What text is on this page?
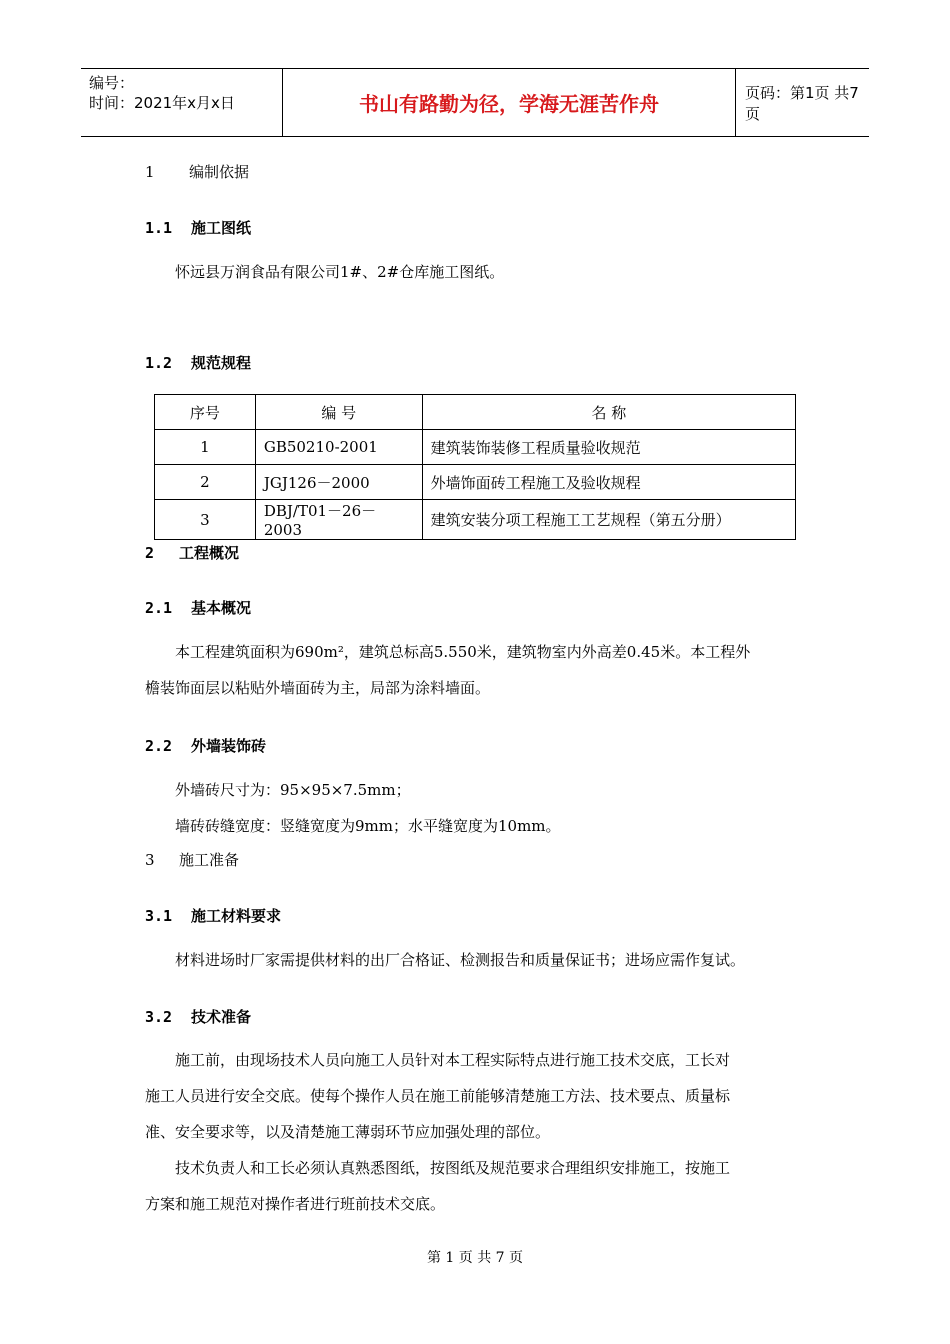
编号：
时间：2021年x月x日	书山有路勤为径，学海无涯苦作舟	页码：第1页 共7页
1 编制依据
1.1 施工图纸
怀远县万润食品有限公司1#、2#仓库施工图纸。
1.2 规范规程
序号	编 号	名 称
1	GB50210-2001	建筑装饰装修工程质量验收规范
2	JGJ126－2000	外墙饰面砖工程施工及验收规程
3	DBJ/T01－26－2003	建筑安装分项工程施工工艺规程（第五分册）
2 工程概况
2.1 基本概况
本工程建筑面积为690m²，建筑总标高5.550米，建筑物室内外高差0.45米。本工程外
檐装饰面层以粘贴外墙面砖为主，局部为涂料墙面。
2.2 外墙装饰砖
外墙砖尺寸为：95×95×7.5mm；
墙砖砖缝宽度：竖缝宽度为9mm；水平缝宽度为10mm。
3 施工准备
3.1 施工材料要求
材料进场时厂家需提供材料的出厂合格证、检测报告和质量保证书；进场应需作复试。
3.2 技术准备
施工前，由现场技术人员向施工人员针对本工程实际特点进行施工技术交底，工长对
施工人员进行安全交底。使每个操作人员在施工前能够清楚施工方法、技术要点、质量标
准、安全要求等，以及清楚施工薄弱环节应加强处理的部位。
技术负责人和工长必须认真熟悉图纸，按图纸及规范要求合理组织安排施工，按施工
方案和施工规范对操作者进行班前技术交底。
第 1 页 共 7 页
